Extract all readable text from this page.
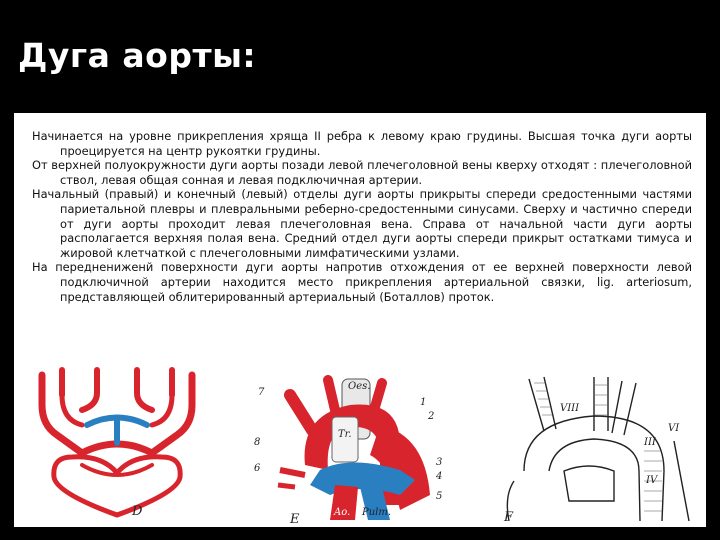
Дуга аорты:

Начинается на уровне прикрепления хряща II ребра к левому краю грудины. Высшая точка дуги аорты проецируется на центр рукоятки грудины.

От верхней полуокружности дуги аорты позади левой плечеголовной вены кверху отходят : плечеголовной ствол, левая общая сонная и левая подключичная артерии.

Начальный (правый) и конечный (левый) отделы дуги аорты прикрыты спереди средостенными частями париетальной плевры и плевральными реберно-средостенными синусами. Сверху и частично спереди от дуги аорты проходит левая плечеголовная вена. Справа от начальной части дуги аорты располагается верхняя полая вена. Средний отдел дуги аорты спереди прикрыт остатками тимуса и жировой клетчаткой с плечеголовными лимфатическими узлами.

На переднениженй поверхности дуги аорты напротив отхождения от ее верхней поверхности левой подключичной артерии находится место прикрепления артериальной связки, lig. arteriosum, представляющей облитерированный артериальный (Боталлов) проток.

D
Oes.
Tr.
Ao. Pulm.
1
2
3
4
5
6
7
8
E
VIII
III
IV
VI
F
